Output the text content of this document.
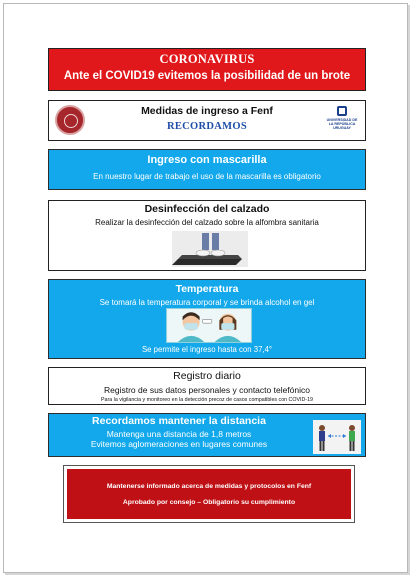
CORONAVIRUS
Ante el COVID19 evitemos la posibilidad de un brote
Medidas de ingreso a Fenf
RECORDAMOS
UNIVERSIDAD DE LA REPÚBLICA URUGUAY
Ingreso con mascarilla
En nuestro lugar de trabajo el uso de la mascarilla es obligatorio
Desinfección del calzado
Realizar la desinfección del calzado sobre la alfombra sanitaria
Temperatura
Se tomará la temperatura corporal y se brinda alcohol en gel
Se permite el ingreso hasta con 37,4°
Registro diario
Registro de sus datos personales y contacto telefónico
Para la vigilancia y monitoreo en la detección precoz de casos compatibles con COVID-19
Recordamos mantener la distancia
Mantenga una distancia de 1,8 metros
Evitemos aglomeraciones en lugares comunes
Mantenerse informado acerca de medidas y protocolos en Fenf
Aprobado por consejo – Obligatorio su cumplimiento
